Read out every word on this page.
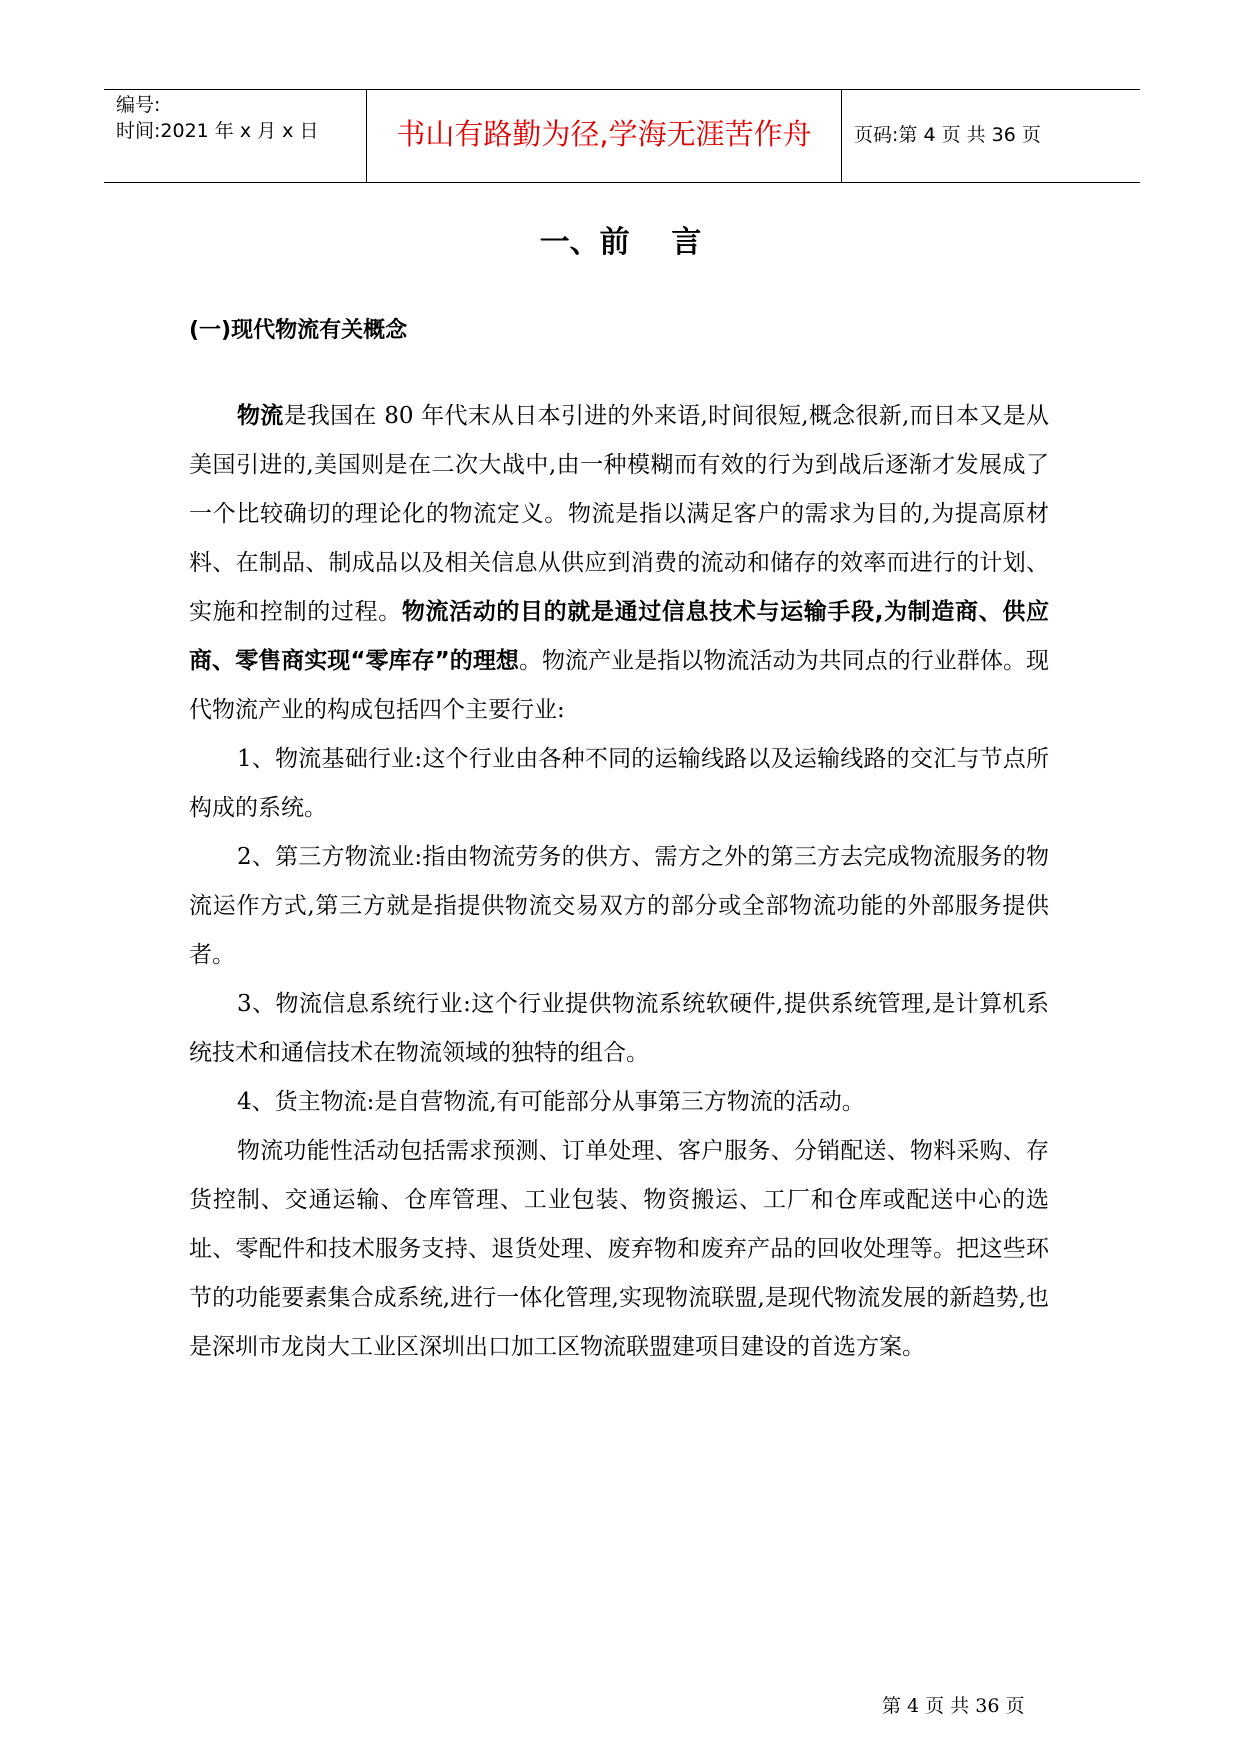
编号:
时间:2021 年 x 月 x 日	书山有路勤为径,学海无涯苦作舟	页码:第 4 页 共 36 页
一、前    言
(一)现代物流有关概念

物流是我国在 80 年代末从日本引进的外来语,时间很短,概念很新,而日本又是从美国引进的,美国则是在二次大战中,由一种模糊而有效的行为到战后逐渐才发展成了一个比较确切的理论化的物流定义。物流是指以满足客户的需求为目的,为提高原材料、在制品、制成品以及相关信息从供应到消费的流动和储存的效率而进行的计划、实施和控制的过程。物流活动的目的就是通过信息技术与运输手段,为制造商、供应商、零售商实现“零库存”的理想。物流产业是指以物流活动为共同点的行业群体。现代物流产业的构成包括四个主要行业:

1、物流基础行业:这个行业由各种不同的运输线路以及运输线路的交汇与节点所构成的系统。

2、第三方物流业:指由物流劳务的供方、需方之外的第三方去完成物流服务的物流运作方式,第三方就是指提供物流交易双方的部分或全部物流功能的外部服务提供者。

3、物流信息系统行业:这个行业提供物流系统软硬件,提供系统管理,是计算机系统技术和通信技术在物流领域的独特的组合。

4、货主物流:是自营物流,有可能部分从事第三方物流的活动。

物流功能性活动包括需求预测、订单处理、客户服务、分销配送、物料采购、存货控制、交通运输、仓库管理、工业包装、物资搬运、工厂和仓库或配送中心的选址、零配件和技术服务支持、退货处理、废弃物和废弃产品的回收处理等。把这些环节的功能要素集合成系统,进行一体化管理,实现物流联盟,是现代物流发展的新趋势,也是深圳市龙岗大工业区深圳出口加工区物流联盟建项目建设的首选方案。

第 4 页 共 36 页
